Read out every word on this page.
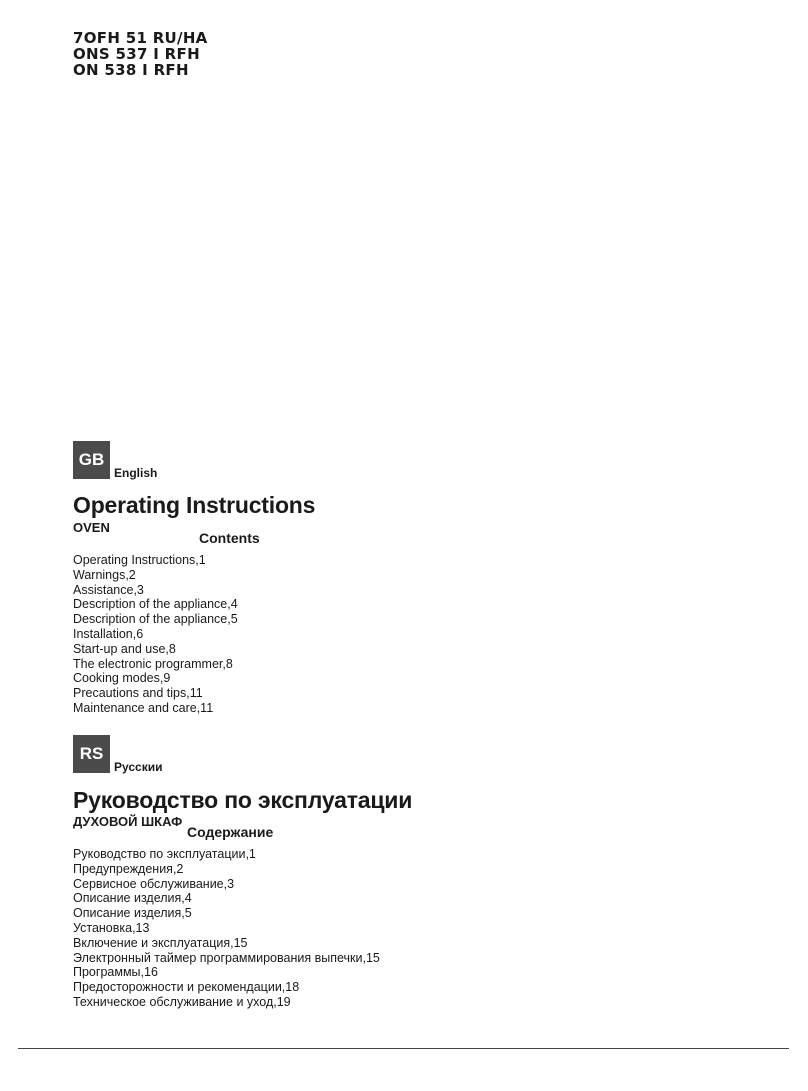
7OFH 51 RU/HA
ONS 537 I RFH
ON 538 I RFH
GB
English
Operating Instructions
OVEN
Contents
Operating Instructions,1
Warnings,2
Assistance,3
Description of the appliance,4
Description of the appliance,5
Installation,6
Start-up and use,8
The electronic programmer,8
Cooking modes,9
Precautions and tips,11
Maintenance and care,11
RS
Русскии
Руководство по эксплуатации
ДУХОВОЙ ШКАФ
Содержание
Руководство по эксплуатации,1
Предупреждения,2
Сервисное обслуживание,3
Описание изделия,4
Описание изделия,5
Установка,13
Включение и эксплуатация,15
Электронный таймер программирования выпечки,15
Программы,16
Предосторожности и рекомендации,18
Техническое обслуживание и уход,19
